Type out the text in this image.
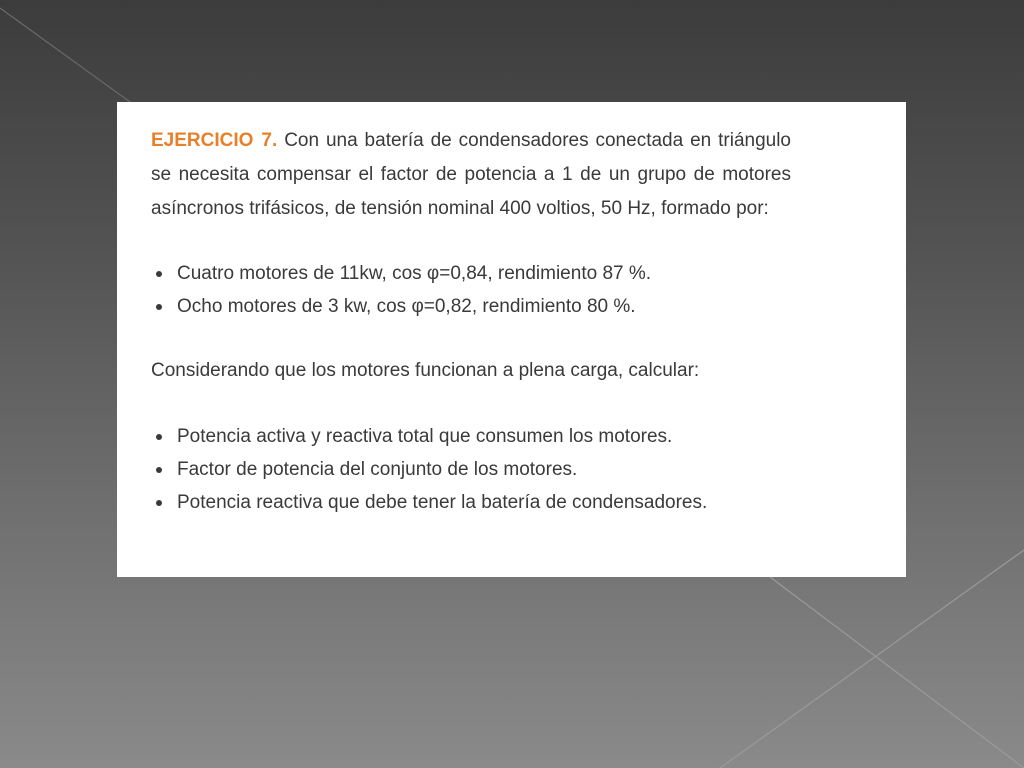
EJERCICIO 7. Con una batería de condensadores conectada en triángulo se necesita compensar el factor de potencia a 1 de un grupo de motores asíncronos trifásicos, de tensión nominal 400 voltios, 50 Hz, formado por:

Cuatro motores de 11kw, cos φ=0,84, rendimiento 87 %.
Ocho motores de 3 kw, cos φ=0,82, rendimiento 80 %.

Considerando que los motores funcionan a plena carga, calcular:

Potencia activa y reactiva total que consumen los motores.
Factor de potencia del conjunto de los motores.
Potencia reactiva que debe tener la batería de condensadores.
